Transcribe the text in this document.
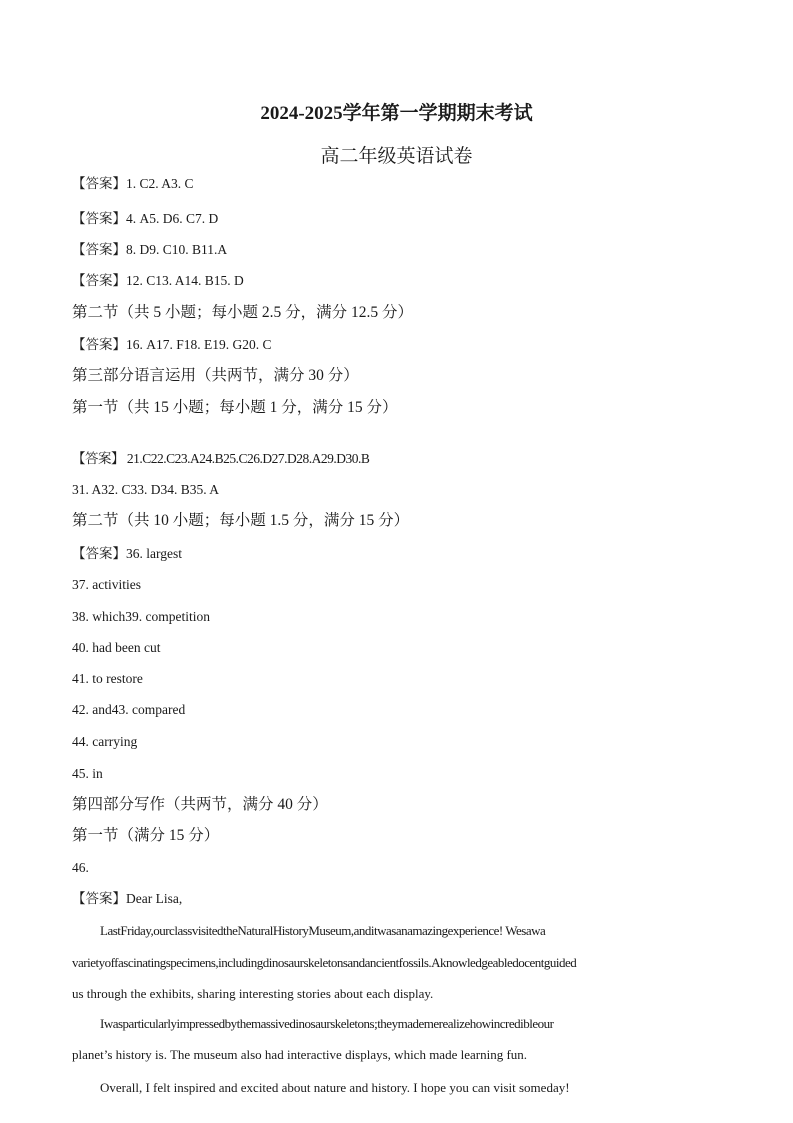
2024-2025学年第一学期期末考试
高二年级英语试卷
【答案】1. C2. A3. C
【答案】4. A5. D6. C7. D
【答案】8. D9. C10. B11.A
【答案】12. C13. A14. B15. D
第二节（共 5 小题；每小题 2.5 分，满分 12.5 分）
【答案】16. A17. F18. E19. G20. C
第三部分语言运用（共两节，满分 30 分）
第一节（共 15 小题；每小题 1 分，满分 15 分）
【答案】 21.C22.C23.A24.B25.C26.D27.D28.A29.D30.B
31. A32. C33. D34. B35. A
第二节（共 10 小题；每小题 1.5 分，满分 15 分）
【答案】36. largest
37. activities
38. which39. competition
40. had been cut
41. to restore
42. and43. compared
44. carrying
45. in
第四部分写作（共两节，满分 40 分）
第一节（满分 15 分）
46.
【答案】Dear Lisa,
LastFriday,ourclassvisitedtheNaturalHistoryMuseum,anditwasanamazingexperience! Wesawa
varietyoffascinatingspecimens,includingdinosaurskeletonsandancientfossils.Aknowledgeabledocentguided
us through the exhibits, sharing interesting stories about each display.
Iwasparticularlyimpressedbythemassivedinosaurskeletons;theymademerealizehowincredibleour
planet’s history is. The museum also had interactive displays, which made learning fun.
Overall, I felt inspired and excited about nature and history. I hope you can visit someday!
